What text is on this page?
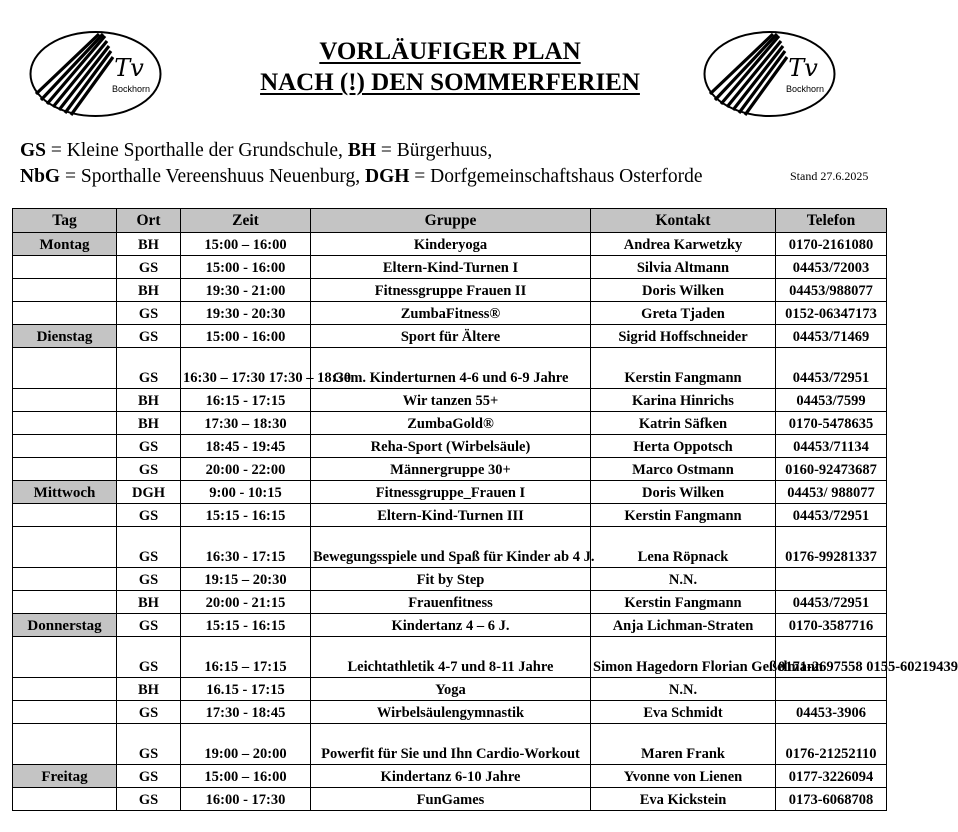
Tv
Bockhorn
Tv
Bockhorn
VORLÄUFIGER PLAN
NACH (!) DEN SOMMERFERIEN
GS = Kleine Sporthalle der Grundschule, BH = Bürgerhuus,
NbG = Sporthalle Vereenshuus Neuenburg, DGH = Dorfgemeinschaftshaus Osterforde	Stand 27.6.2025
Tag	Ort	Zeit	Gruppe	Kontakt	Telefon
Montag	BH	15:00 – 16:00	Kinderyoga	Andrea Karwetzky	0170-2161080
	GS	15:00 - 16:00	Eltern-Kind-Turnen I	Silvia Altmann	04453/72003
	BH	19:30 - 21:00	Fitnessgruppe Frauen II	Doris Wilken	04453/988077
	GS	19:30 - 20:30	ZumbaFitness®	Greta Tjaden	0152-06347173
Dienstag	GS	15:00 - 16:00	Sport für Ältere	Sigrid Hoffschneider	04453/71469
	GS	16:30 – 17:30 17:30 – 18:30	Gem. Kinderturnen 4-6 und 6-9 Jahre	Kerstin Fangmann	04453/72951
	BH	16:15 - 17:15	Wir tanzen 55+	Karina Hinrichs	04453/7599
	BH	17:30 – 18:30	ZumbaGold®	Katrin Säfken	0170-5478635
	GS	18:45 - 19:45	Reha-Sport (Wirbelsäule)	Herta Oppotsch	04453/71134
	GS	20:00 - 22:00	Männergruppe 30+	Marco Ostmann	0160-92473687
Mittwoch	DGH	9:00 - 10:15	Fitnessgruppe_Frauen I	Doris Wilken	04453/ 988077
	GS	15:15 - 16:15	Eltern-Kind-Turnen III	Kerstin Fangmann	04453/72951
	GS	16:30 - 17:15	Bewegungsspiele und Spaß für Kinder ab 4 J.	Lena Röpnack	0176-99281337
	GS	19:15 – 20:30	Fit by Step	N.N.	
	BH	20:00 - 21:15	Frauenfitness	Kerstin Fangmann	04453/72951
Donnerstag	GS	15:15 - 16:15	Kindertanz 4 – 6 J.	Anja Lichman-Straten	0170-3587716
	GS	16:15 – 17:15	Leichtathletik 4-7 und 8-11 Jahre	Simon Hagedorn Florian Geßelmann	0171-2697558 0155-60219439
	BH	16.15 - 17:15	Yoga	N.N.	
	GS	17:30 - 18:45	Wirbelsäulengymnastik	Eva Schmidt	04453-3906
	GS	19:00 – 20:00	Powerfit für Sie und Ihn Cardio-Workout	Maren Frank	0176-21252110
Freitag	GS	15:00 – 16:00	Kindertanz 6-10 Jahre	Yvonne von Lienen	0177-3226094
	GS	16:00 - 17:30	FunGames	Eva Kickstein	0173-6068708
